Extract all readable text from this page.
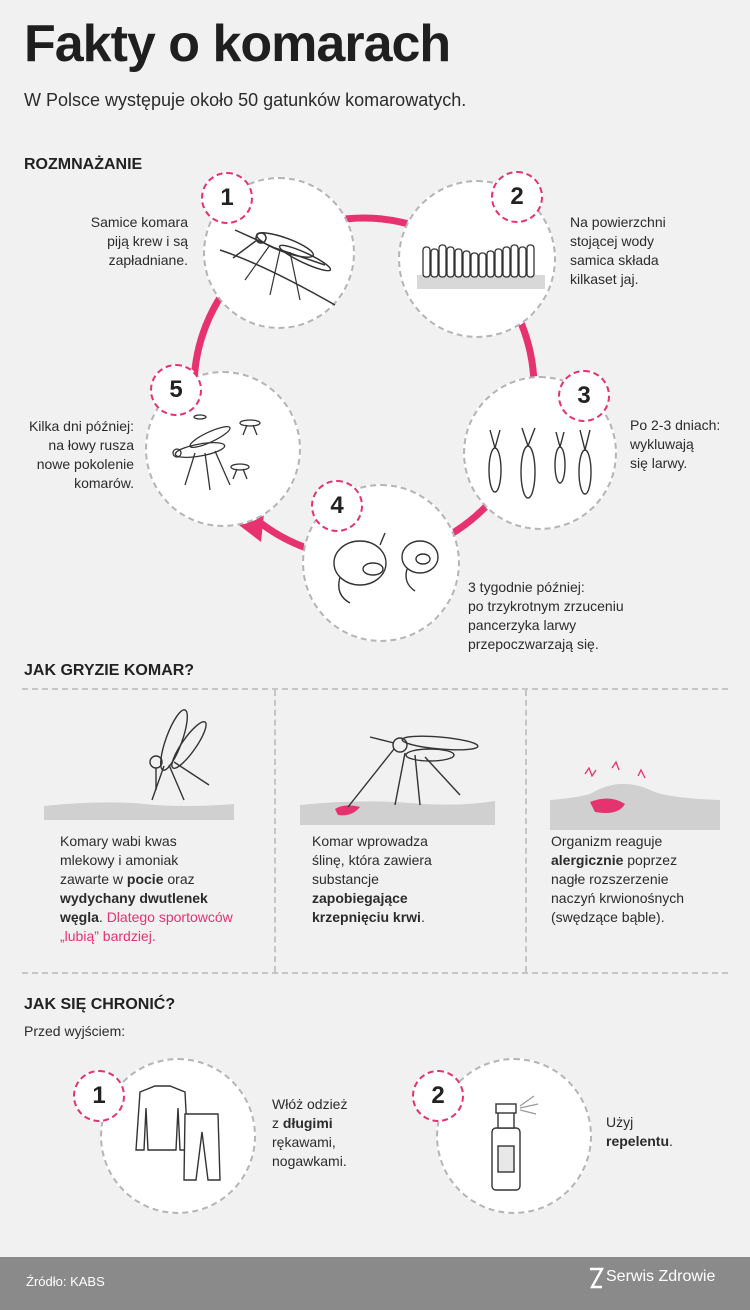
Fakty o komarach
W Polsce występuje około 50 gatunków komarowatych.
ROZMNAŻANIE
1
Samice komara
piją krew i są
zapładniane.
2
Na powierzchni
stojącej wody
samica składa
kilkaset jaj.
3
Po 2-3 dniach:
wykluwają
się larwy.
4
3 tygodnie później:
po trzykrotnym zrzuceniu
pancerzyka larwy
przepoczwarzają się.
5
Kilka dni później:
na łowy rusza
nowe pokolenie
komarów.
JAK GRYZIE KOMAR?
Komary wabi kwas
mlekowy i amoniak
zawarte w pocie oraz
wydychany dwutlenek
węgla. Dlatego sportowców
„lubią” bardziej.
Komar wprowadza
ślinę, która zawiera
substancje
zapobiegające
krzepnięciu krwi.
Organizm reaguje
alergicznie poprzez
nagłe rozszerzenie
naczyń krwionośnych
(swędzące bąble).
JAK SIĘ CHRONIĆ?
Przed wyjściem:
1	Włóż odzież
z długimi
rękawami,
nogawkami.
2
Użyj
repelentu.
Źródło: KABS	Serwis Zdrowie
